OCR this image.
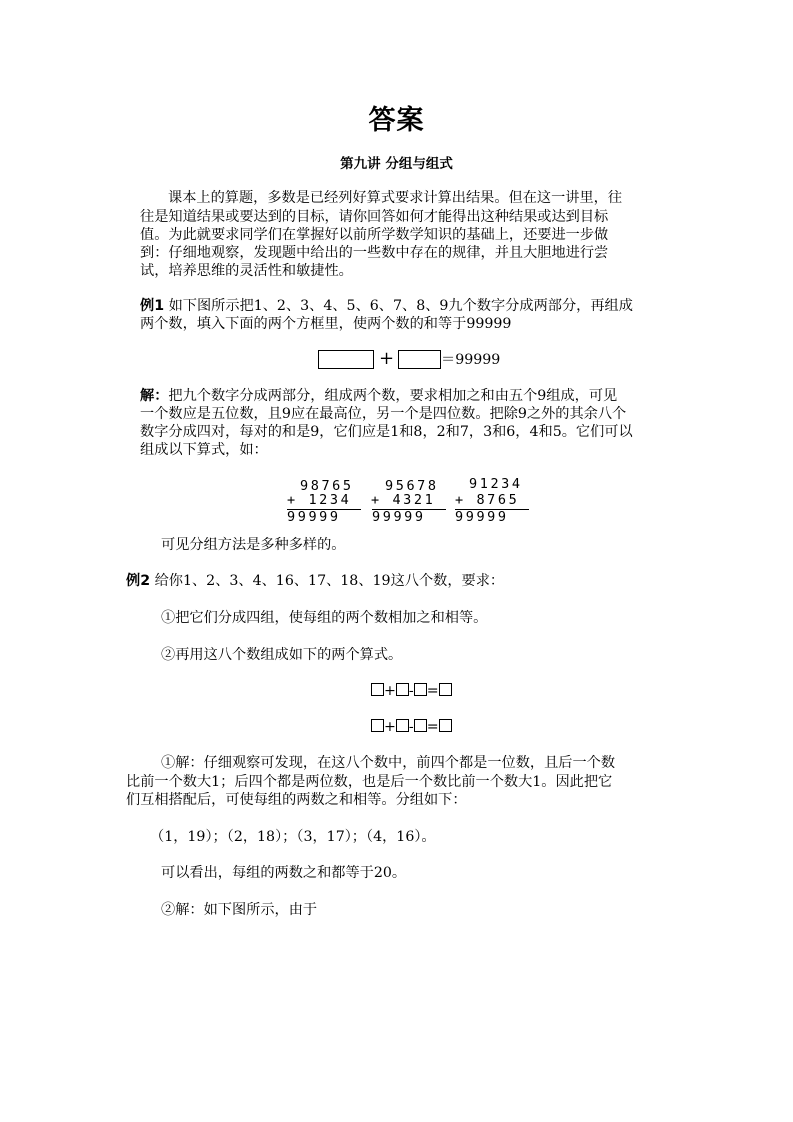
答案
第九讲 分组与组式
课本上的算题，多数是已经列好算式要求计算出结果。但在这一讲里，往
往是知道结果或要达到的目标，请你回答如何才能得出这种结果或达到目标
值。为此就要求同学们在掌握好以前所学数学知识的基础上，还要进一步做
到：仔细地观察，发现题中给出的一些数中存在的规律，并且大胆地进行尝
试，培养思维的灵活性和敏捷性。
例1 如下图所示把1、2、3、4、5、6、7、8、9九个数字分成两部分，再组成
两个数，填入下面的两个方框里，使两个数的和等于99999
+	＝99999
解：把九个数字分成两部分，组成两个数，要求相加之和由五个9组成，可见
一个数应是五位数，且9应在最高位，另一个是四位数。把除9之外的其余八个
数字分成四对，每对的和是9，它们应是1和8，2和7，3和6，4和5。它们可以
组成以下算式，如：
98765
+ 1234
99999
95678
+ 4321
99999
91234
+ 8765
99999
可见分组方法是多种多样的。
例2 给你1、2、3、4、16、17、18、19这八个数，要求：
①把它们分成四组，使每组的两个数相加之和相等。
②再用这八个数组成如下的两个算式。
+ - =
+ - =
①解：仔细观察可发现，在这八个数中，前四个都是一位数，且后一个数
比前一个数大1；后四个都是两位数，也是后一个数比前一个数大1。因此把它
们互相搭配后，可使每组的两数之和相等。分组如下：
（1，19）；（2，18）；（3，17）；（4，16）。
可以看出，每组的两数之和都等于20。
②解：如下图所示，由于
